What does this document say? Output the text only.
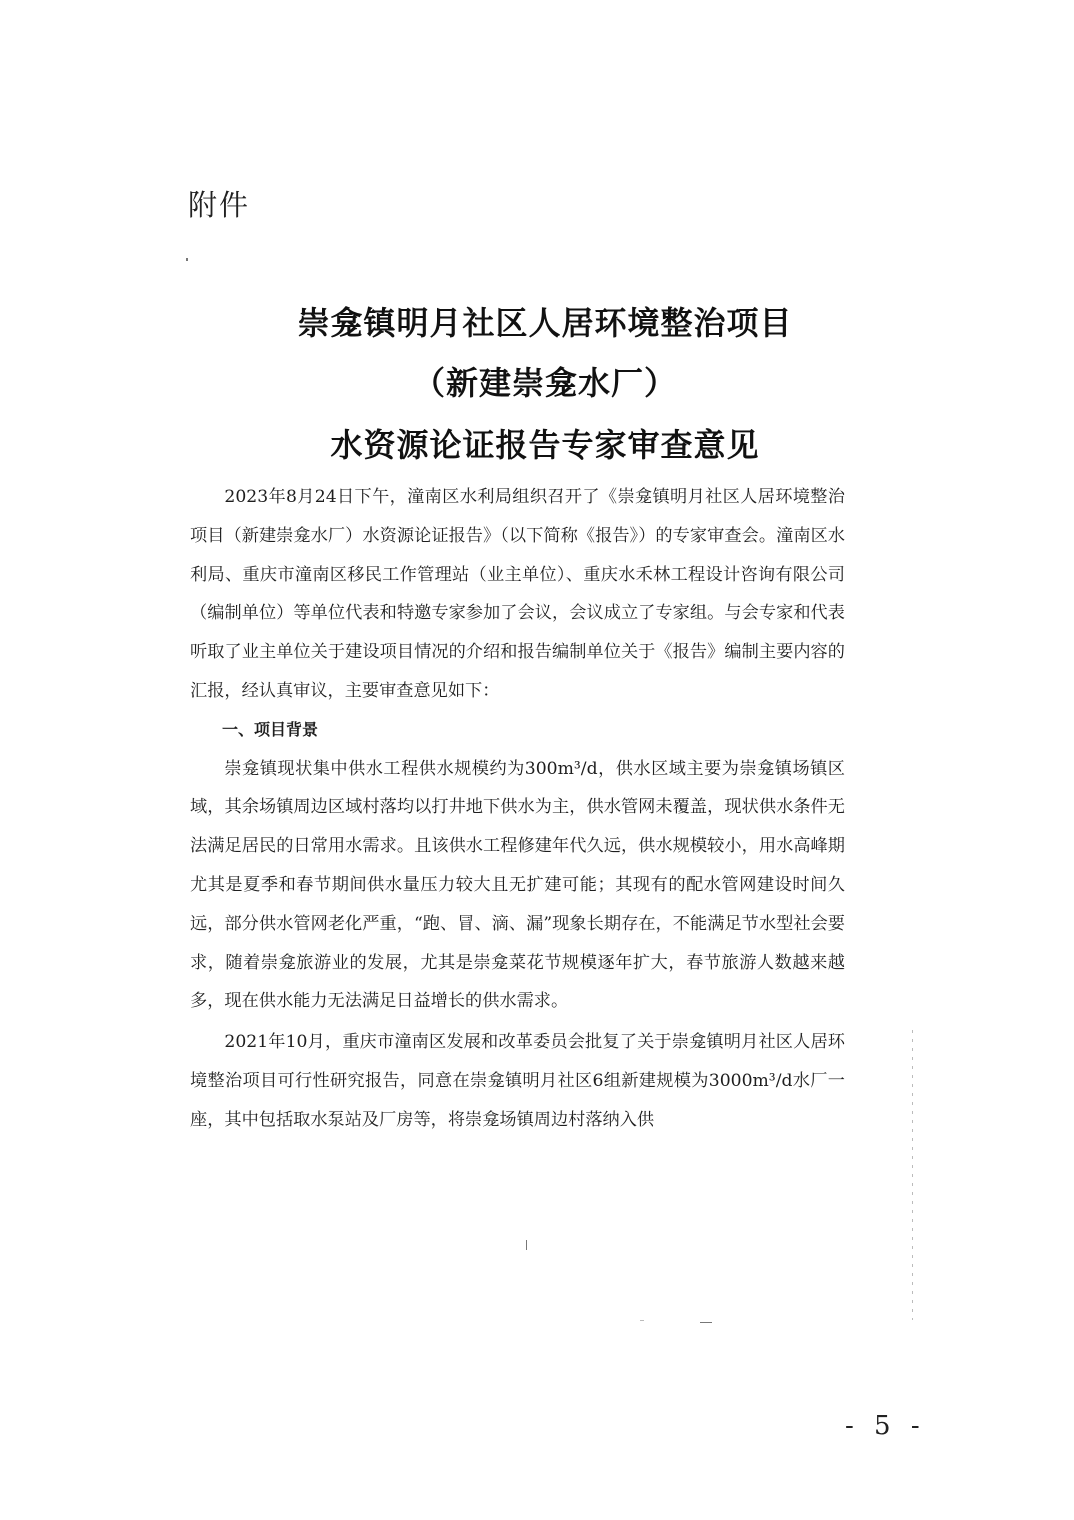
附件
崇龛镇明月社区人居环境整治项目
（新建崇龛水厂）
水资源论证报告专家审查意见

2023年8月24日下午，潼南区水利局组织召开了《崇龛镇明月社区人居环境整治项目（新建崇龛水厂）水资源论证报告》（以下简称《报告》）的专家审查会。潼南区水利局、重庆市潼南区移民工作管理站（业主单位）、重庆水禾林工程设计咨询有限公司（编制单位）等单位代表和特邀专家参加了会议，会议成立了专家组。与会专家和代表听取了业主单位关于建设项目情况的介绍和报告编制单位关于《报告》编制主要内容的汇报，经认真审议，主要审查意见如下：

一、项目背景

崇龛镇现状集中供水工程供水规模约为300m³/d，供水区域主要为崇龛镇场镇区域，其余场镇周边区域村落均以打井地下供水为主，供水管网未覆盖，现状供水条件无法满足居民的日常用水需求。且该供水工程修建年代久远，供水规模较小，用水高峰期尤其是夏季和春节期间供水量压力较大且无扩建可能；其现有的配水管网建设时间久远，部分供水管网老化严重，“跑、冒、滴、漏”现象长期存在，不能满足节水型社会要求，随着崇龛旅游业的发展，尤其是崇龛菜花节规模逐年扩大，春节旅游人数越来越多，现在供水能力无法满足日益增长的供水需求。

2021年10月，重庆市潼南区发展和改革委员会批复了关于崇龛镇明月社区人居环境整治项目可行性研究报告，同意在崇龛镇明月社区6组新建规模为3000m³/d水厂一座，其中包括取水泵站及厂房等，将崇龛场镇周边村落纳入供

- 5 -
